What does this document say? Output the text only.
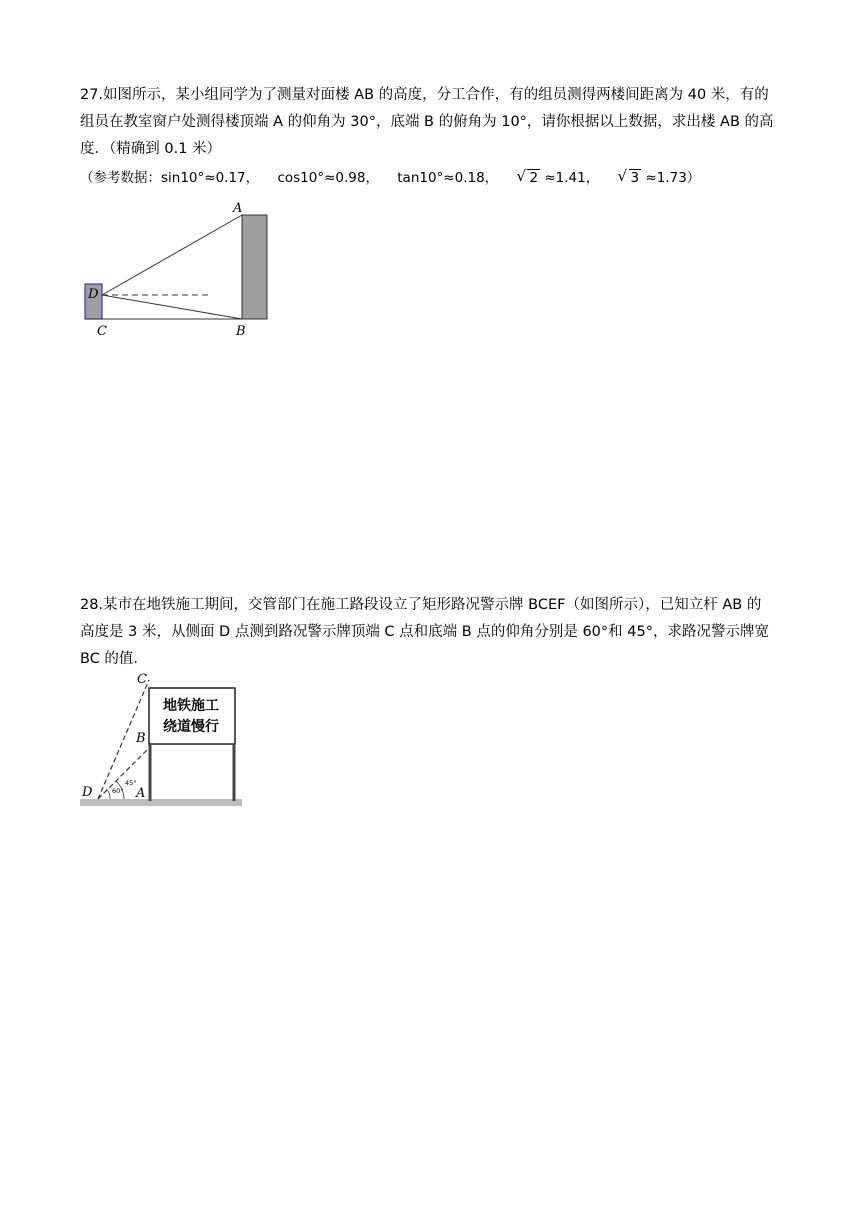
27.如图所示，某小组同学为了测量对面楼 AB 的高度，分工合作，有的组员测得两楼间距离为 40 米，有的
组员在教室窗户处测得楼顶端 A 的仰角为 30°，底端 B 的俯角为 10°，请你根据以上数据，求出楼 AB 的高
度．（精确到 0.1 米）
（参考数据：sin10°≈0.17， cos10°≈0.98， tan10°≈0.18， √ 2 ≈1.41， √ 3 ≈1.73）
A
B
C
D
28.某市在地铁施工期间，交管部门在施工路段设立了矩形路况警示牌 BCEF（如图所示），已知立杆 AB 的
高度是 3 米，从侧面 D 点测到路况警示牌顶端 C 点和底端 B 点的仰角分别是 60°和 45°，求路况警示牌宽
BC 的值．
地铁施工
绕道慢行
C
B
D	A
60°
45°
